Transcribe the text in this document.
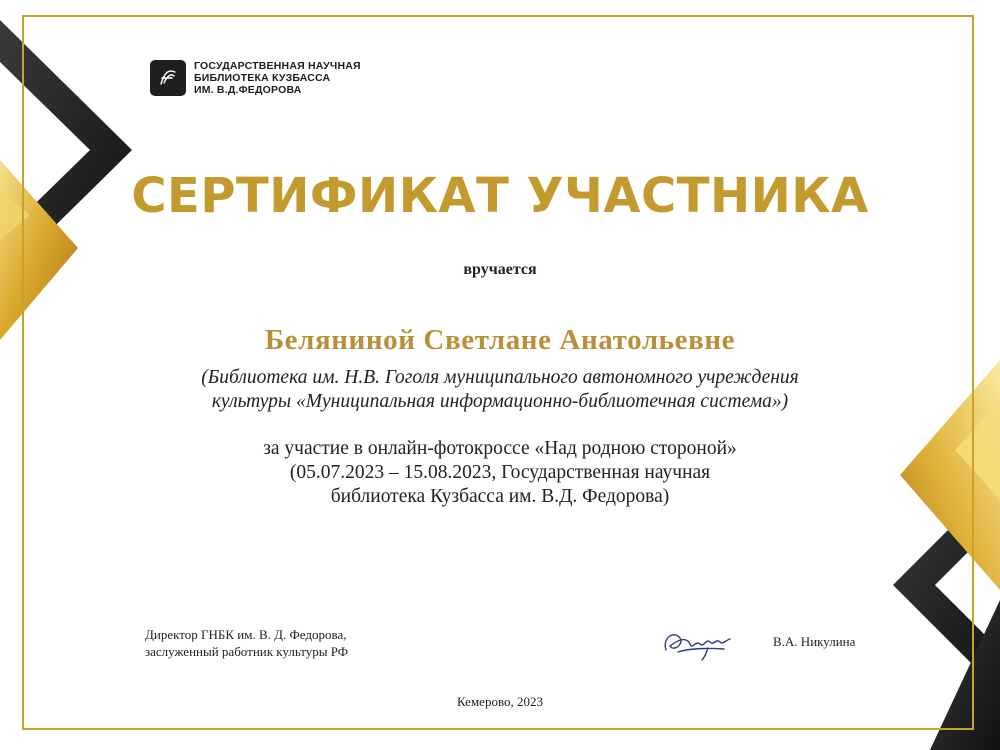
ГОСУДАРСТВЕННАЯ НАУЧНАЯ
БИБЛИОТЕКА КУЗБАССА
ИМ. В.Д.ФЕДОРОВА
СЕРТИФИКАТ УЧАСТНИКА
вручается
Беляниной Светлане Анатольевне
(Библиотека им. Н.В. Гоголя муниципального автономного учреждения
культуры «Муниципальная информационно-библиотечная система»)
за участие в онлайн-фотокроссе «Над родною стороной»
(05.07.2023 – 15.08.2023, Государственная научная
библиотека Кузбасса им. В.Д. Федорова)
Директор ГНБК им. В. Д. Федорова,
заслуженный работник культуры РФ
В.А. Никулина
Кемерово, 2023
